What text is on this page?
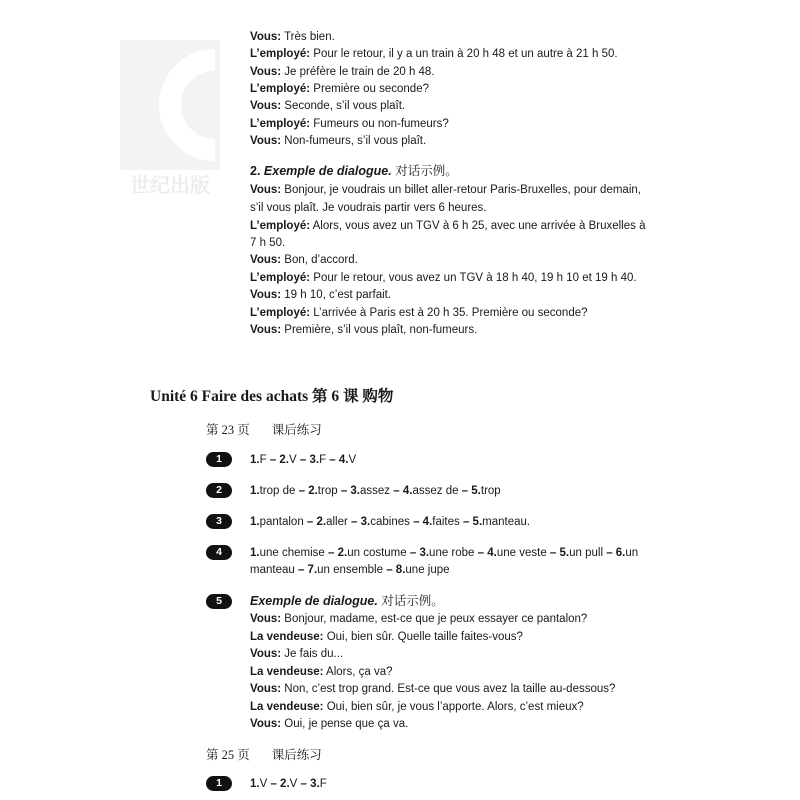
世纪出版
Vous: Très bien.
L’employé: Pour le retour, il y a un train à 20 h 48 et un autre à 21 h 50.
Vous: Je préfère le train de 20 h 48.
L’employé: Première ou seconde?
Vous: Seconde, s’il vous plaît.
L’employé: Fumeurs ou non-fumeurs?
Vous: Non-fumeurs, s’il vous plaît.
2. Exemple de dialogue. 对话示例。
Vous: Bonjour, je voudrais un billet aller-retour Paris-Bruxelles, pour demain,
s’il vous plaît. Je voudrais partir vers 6 heures.
L’employé: Alors, vous avez un TGV à 6 h 25, avec une arrivée à Bruxelles à
7 h 50.
Vous: Bon, d’accord.
L’employé: Pour le retour, vous avez un TGV à 18 h 40, 19 h 10 et 19 h 40.
Vous: 19 h 10, c’est parfait.
L’employé: L’arrivée à Paris est à 20 h 35. Première ou seconde?
Vous: Première, s’il vous plaît, non-fumeurs.
Unité 6 Faire des achats 第 6 课 购物
第 23 页 课后练习
1	1.F – 2.V – 3.F – 4.V
2	1.trop de – 2.trop – 3.assez – 4.assez de – 5.trop
3	1.pantalon – 2.aller – 3.cabines – 4.faites – 5.manteau.
4	1.une chemise – 2.un costume – 3.une robe – 4.une veste – 5.un pull – 6.un
manteau – 7.un ensemble – 8.une jupe
5	Exemple de dialogue. 对话示例。
Vous: Bonjour, madame, est-ce que je peux essayer ce pantalon?
La vendeuse: Oui, bien sûr. Quelle taille faites-vous?
Vous: Je fais du...
La vendeuse: Alors, ça va?
Vous: Non, c’est trop grand. Est-ce que vous avez la taille au-dessous?
La vendeuse: Oui, bien sûr, je vous l’apporte. Alors, c’est mieux?
Vous: Oui, je pense que ça va.
第 25 页 课后练习
1	1.V – 2.V – 3.F
